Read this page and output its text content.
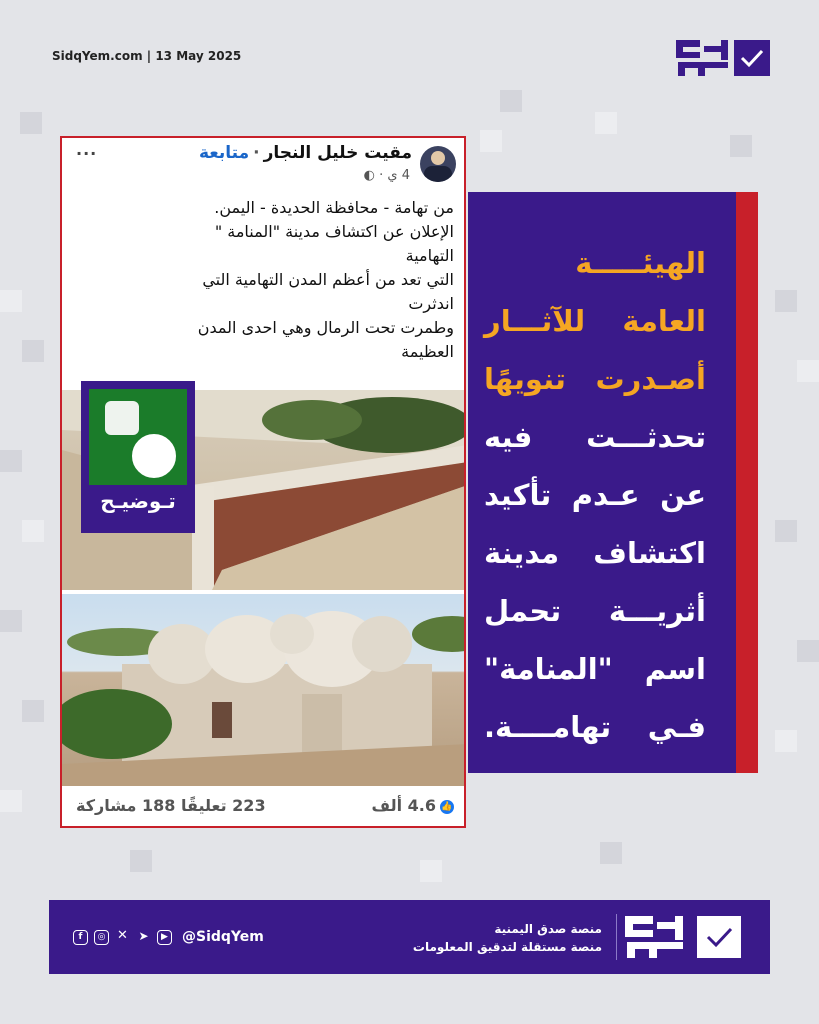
SidqYem.com | 13 May 2025
مقيت خليل النجار·متابعة
4 ي · ◐
···
من تهامة - محافظة الحديدة - اليمن.
الإعلان عن اكتشاف مدينة "المنامة "
التهامية
التي تعد من أعظم المدن التهامية التي
اندثرت
وطمرت تحت الرمال وهي احدى المدن
العظيمة
👍4.6 ألف
223 تعليقًا 188 مشاركة
تـوضيـح
الهيئـــــة
العامة للآثـــار
أصـدرت تنويهًا
تحدثـــت فيه
عن عـدم تأكيد
اكتشاف مدينة
أثريـــة تحمل
اسم "المنامة"
فـي تهامــــة.
f	◎ ✕ ➤	▶ @SidqYem	منصة صدق اليمنية
منصة مستقلة لتدقيق المعلومات
